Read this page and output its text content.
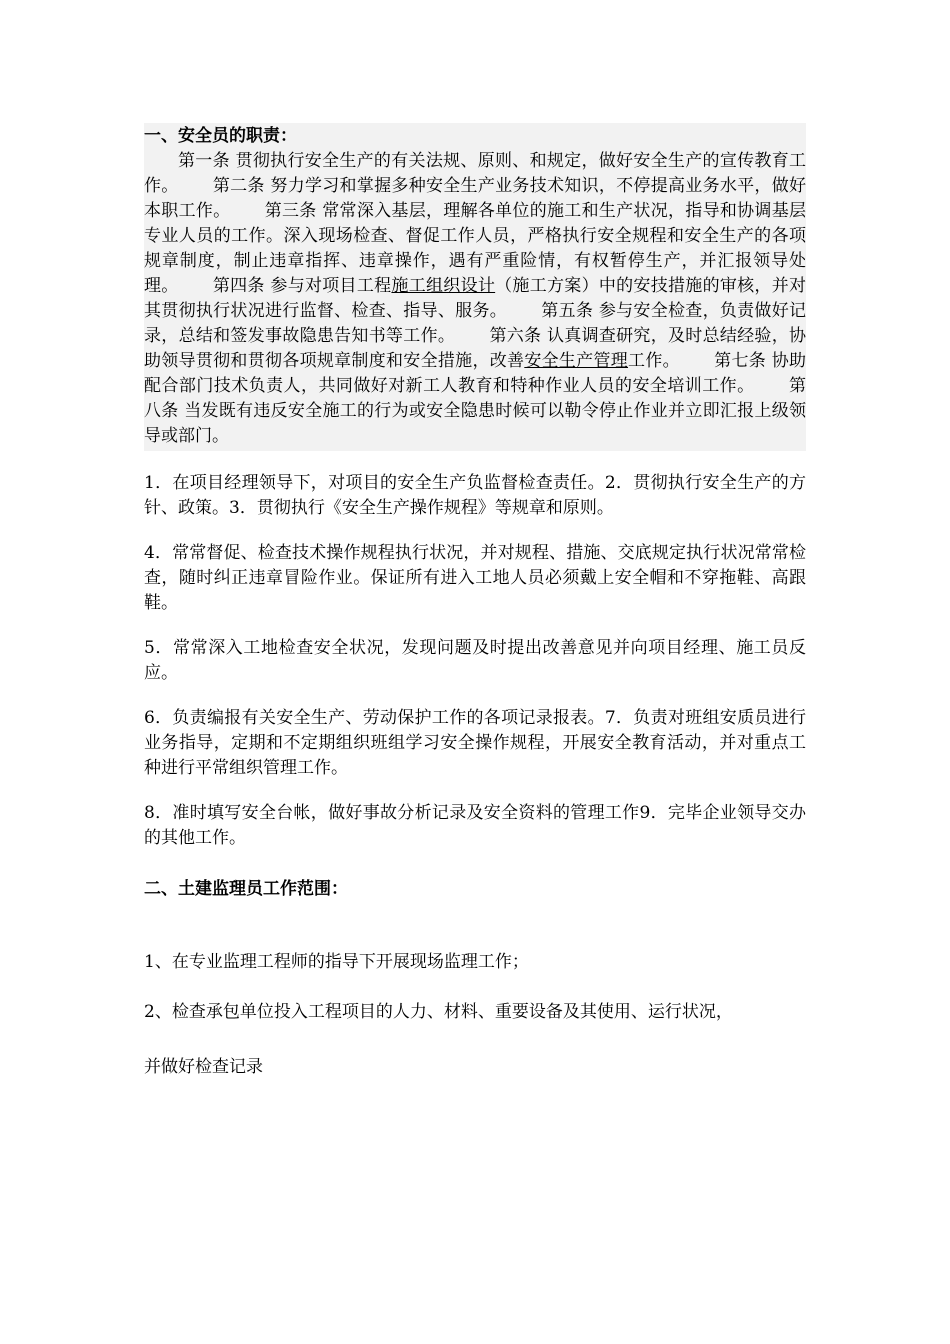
一、安全员的职责：

第一条 贯彻执行安全生产的有关法规、原则、和规定，做好安全生产的宣传教育工作。 第二条 努力学习和掌握多种安全生产业务技术知识，不停提高业务水平，做好本职工作。 第三条 常常深入基层，理解各单位的施工和生产状况，指导和协调基层专业人员的工作。深入现场检查、督促工作人员，严格执行安全规程和安全生产的各项规章制度，制止违章指挥、违章操作，遇有严重险情，有权暂停生产，并汇报领导处理。 第四条 参与对项目工程施工组织设计（施工方案）中的安技措施的审核，并对其贯彻执行状况进行监督、检查、指导、服务。 第五条 参与安全检查，负责做好记录，总结和签发事故隐患告知书等工作。 第六条 认真调查研究，及时总结经验，协助领导贯彻和贯彻各项规章制度和安全措施，改善安全生产管理工作。 第七条 协助配合部门技术负责人，共同做好对新工人教育和特种作业人员的安全培训工作。 第八条 当发既有违反安全施工的行为或安全隐患时候可以勒令停止作业并立即汇报上级领导或部门。

1．在项目经理领导下，对项目的安全生产负监督检查责任。2．贯彻执行安全生产的方针、政策。3．贯彻执行《安全生产操作规程》等规章和原则。

4．常常督促、检查技术操作规程执行状况，并对规程、措施、交底规定执行状况常常检查，随时纠正违章冒险作业。保证所有进入工地人员必须戴上安全帽和不穿拖鞋、高跟鞋。

5．常常深入工地检查安全状况，发现问题及时提出改善意见并向项目经理、施工员反应。

6．负责编报有关安全生产、劳动保护工作的各项记录报表。7．负责对班组安质员进行业务指导，定期和不定期组织班组学习安全操作规程，开展安全教育活动，并对重点工种进行平常组织管理工作。

8．准时填写安全台帐，做好事故分析记录及安全资料的管理工作9．完毕企业领导交办的其他工作。

二、土建监理员工作范围：

1、在专业监理工程师的指导下开展现场监理工作；

2、检查承包单位投入工程项目的人力、材料、重要设备及其使用、运行状况，

并做好检查记录
